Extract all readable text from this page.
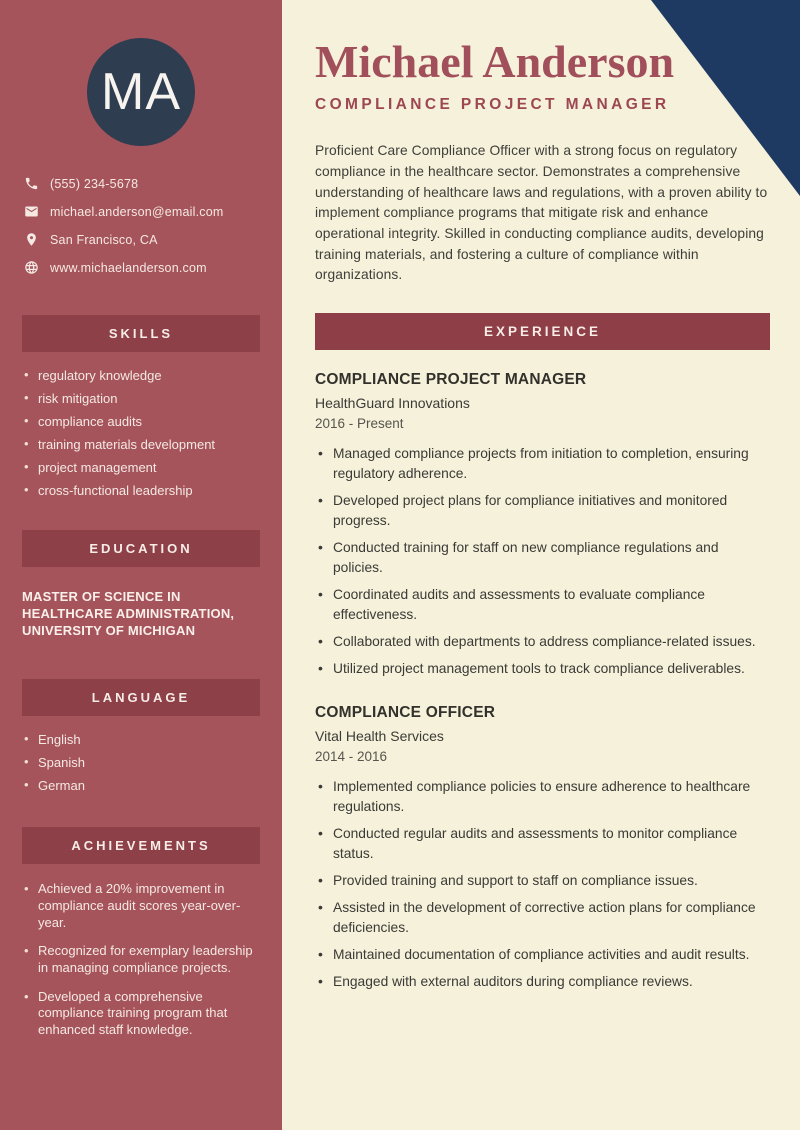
MA
(555) 234-5678
michael.anderson@email.com
San Francisco, CA
www.michaelanderson.com
SKILLS
• regulatory knowledge
• risk mitigation
• compliance audits
• training materials development
• project management
• cross-functional leadership
EDUCATION
MASTER OF SCIENCE IN HEALTHCARE ADMINISTRATION, UNIVERSITY OF MICHIGAN
LANGUAGE
• English
• Spanish
• German
ACHIEVEMENTS
• Achieved a 20% improvement in compliance audit scores year-over-year.
• Recognized for exemplary leadership in managing compliance projects.
• Developed a comprehensive compliance training program that enhanced staff knowledge.
Michael Anderson
COMPLIANCE PROJECT MANAGER

Proficient Care Compliance Officer with a strong focus on regulatory compliance in the healthcare sector. Demonstrates a comprehensive understanding of healthcare laws and regulations, with a proven ability to implement compliance programs that mitigate risk and enhance operational integrity. Skilled in conducting compliance audits, developing training materials, and fostering a culture of compliance within organizations.

EXPERIENCE
COMPLIANCE PROJECT MANAGER
HealthGuard Innovations
2016 - Present
• Managed compliance projects from initiation to completion, ensuring regulatory adherence.
• Developed project plans for compliance initiatives and monitored progress.
• Conducted training for staff on new compliance regulations and policies.
• Coordinated audits and assessments to evaluate compliance effectiveness.
• Collaborated with departments to address compliance-related issues.
• Utilized project management tools to track compliance deliverables.
COMPLIANCE OFFICER
Vital Health Services
2014 - 2016
• Implemented compliance policies to ensure adherence to healthcare regulations.
• Conducted regular audits and assessments to monitor compliance status.
• Provided training and support to staff on compliance issues.
• Assisted in the development of corrective action plans for compliance deficiencies.
• Maintained documentation of compliance activities and audit results.
• Engaged with external auditors during compliance reviews.
